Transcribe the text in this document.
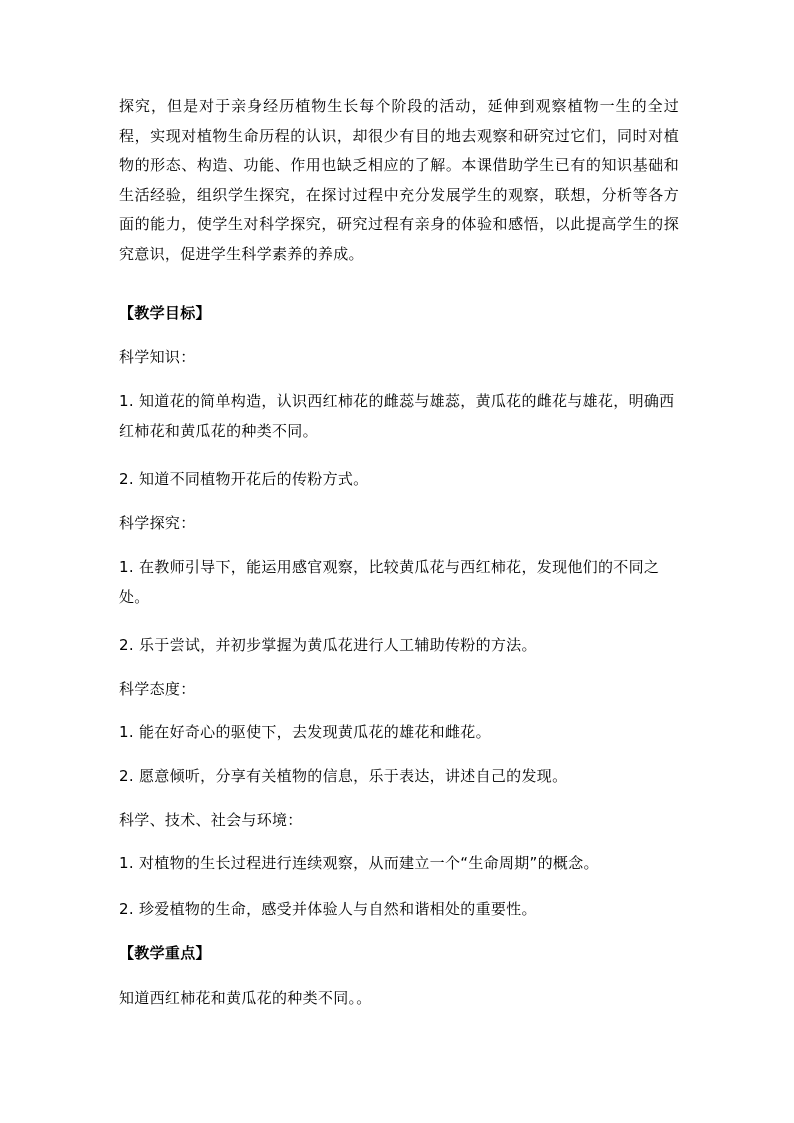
探究，但是对于亲身经历植物生长每个阶段的活动，延伸到观察植物一生的全过程，实现对植物生命历程的认识，却很少有目的地去观察和研究过它们，同时对植物的形态、构造、功能、作用也缺乏相应的了解。本课借助学生已有的知识基础和生活经验，组织学生探究，在探讨过程中充分发展学生的观察，联想，分析等各方面的能力，使学生对科学探究，研究过程有亲身的体验和感悟，以此提高学生的探究意识，促进学生科学素养的养成。

【教学目标】

科学知识：

1. 知道花的简单构造，认识西红柿花的雌蕊与雄蕊，黄瓜花的雌花与雄花，明确西红柿花和黄瓜花的种类不同。

2. 知道不同植物开花后的传粉方式。

科学探究：

1. 在教师引导下，能运用感官观察，比较黄瓜花与西红柿花，发现他们的不同之处。

2. 乐于尝试，并初步掌握为黄瓜花进行人工辅助传粉的方法。

科学态度：

1. 能在好奇心的驱使下，去发现黄瓜花的雄花和雌花。

2. 愿意倾听，分享有关植物的信息，乐于表达，讲述自己的发现。

科学、技术、社会与环境：

1. 对植物的生长过程进行连续观察，从而建立一个“生命周期”的概念。

2. 珍爱植物的生命，感受并体验人与自然和谐相处的重要性。

【教学重点】

知道西红柿花和黄瓜花的种类不同。。
